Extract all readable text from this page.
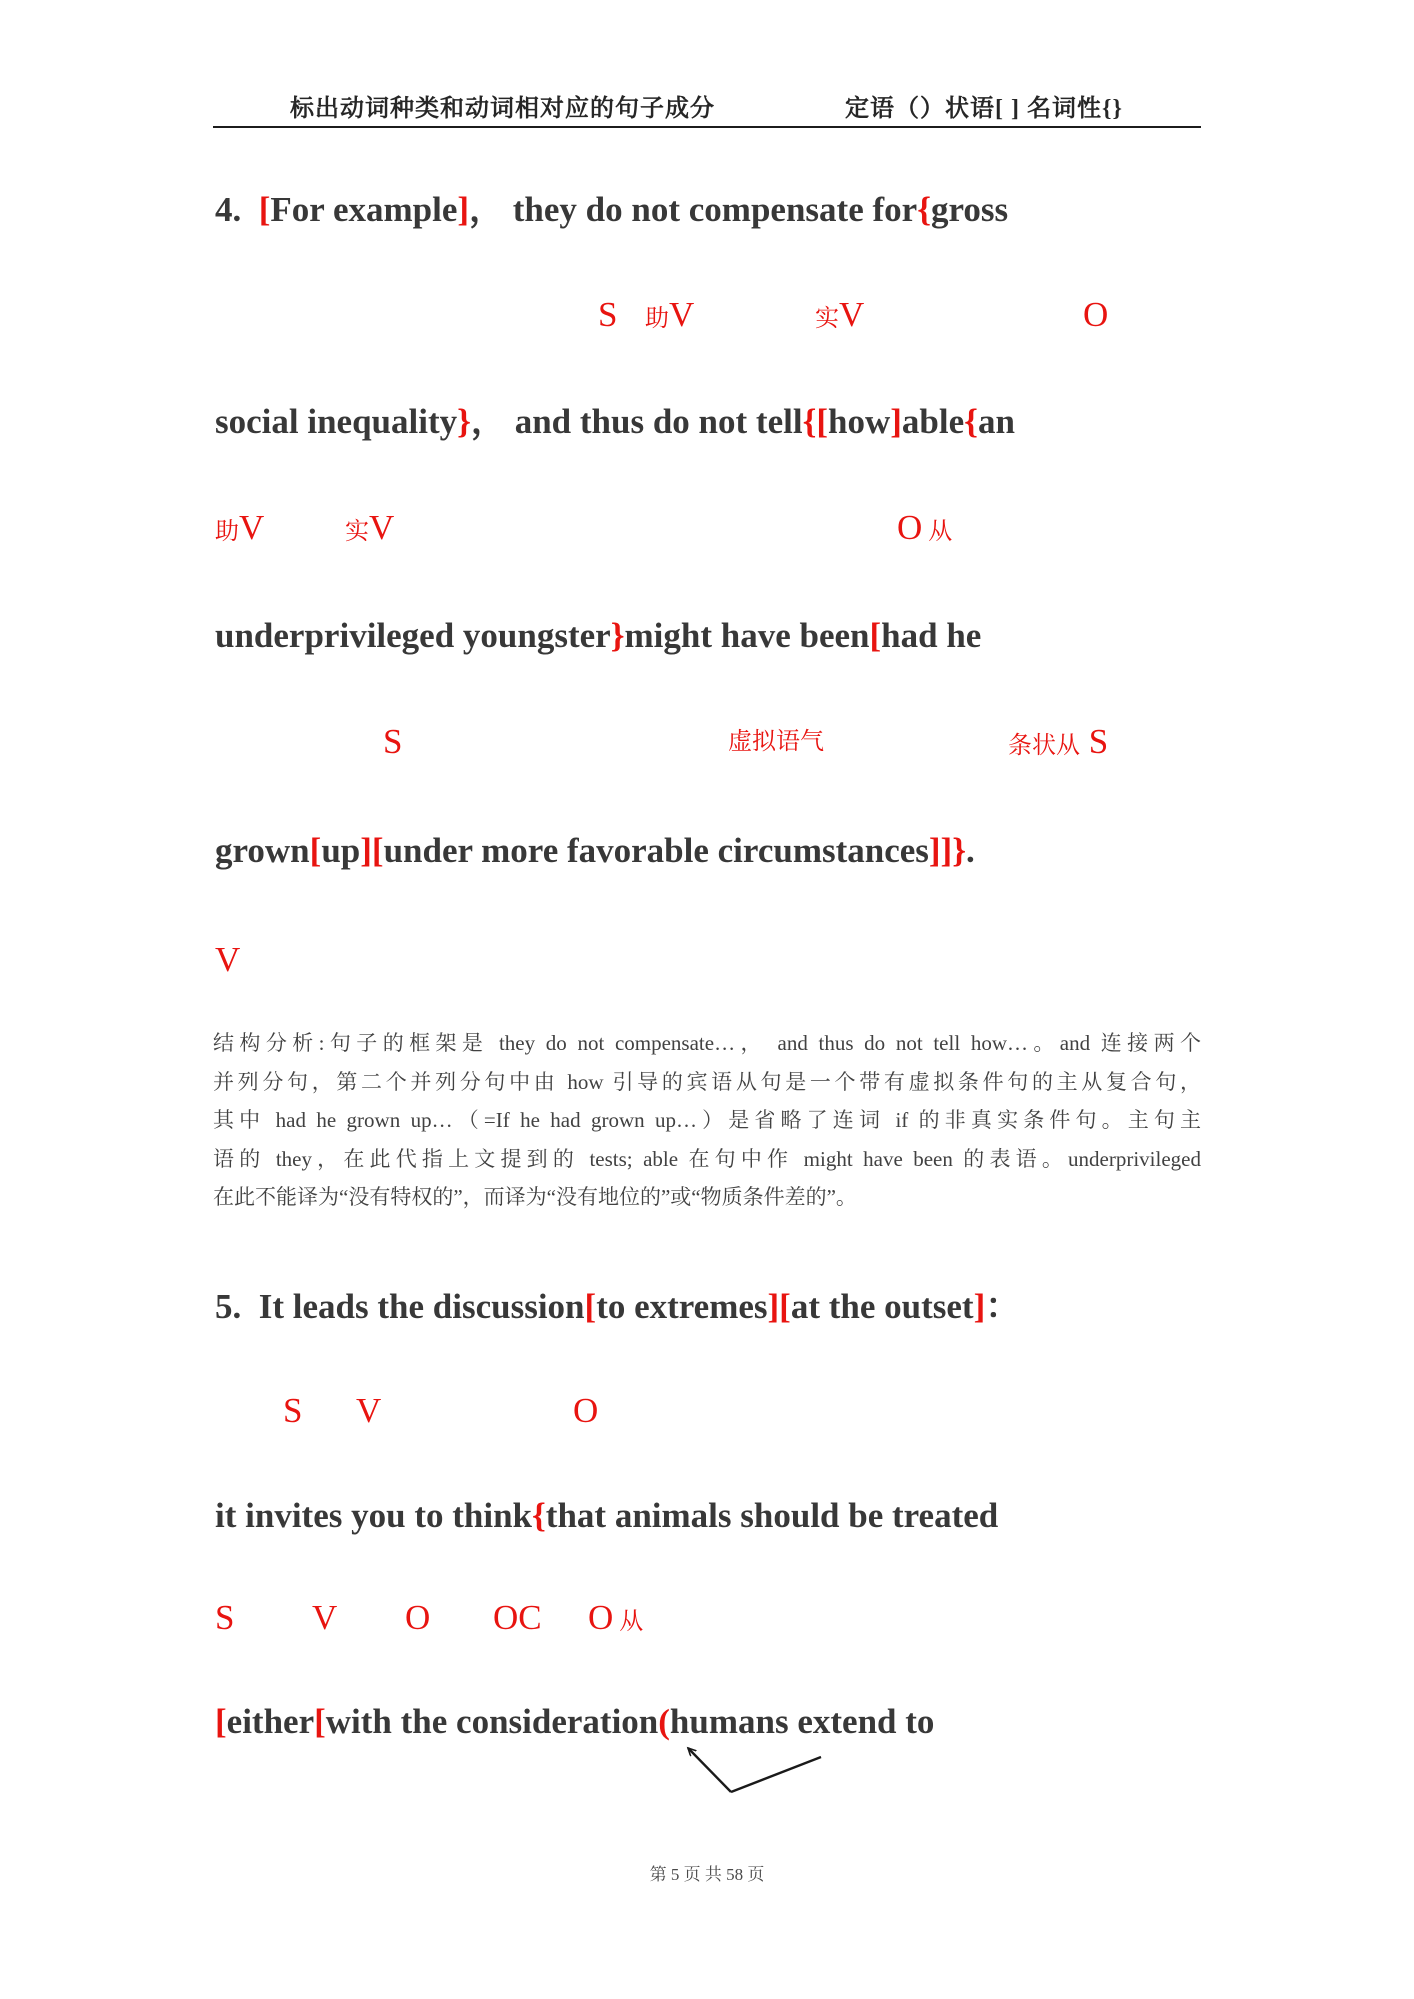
标出动词种类和动词相对应的句子成分	定语（）状语[ ] 名词性{}
4.  [For example]， they do not compensate for{gross
S 助V	实V	O
social inequality}， and thus do not tell{[how]able{an
助V	实V	O 从
underprivileged youngster}might have been[had he
S	虚拟语气	条状从 S
grown[up][under more favorable circumstances]]}.
V
结构分析:句子的框架是 they do not compensate…， and thus do not tell how…。and 连接两个
并列分句，第二个并列分句中由 how 引导的宾语从句是一个带有虚拟条件句的主从复合句，
其中 had he grown up…（=If he had grown up…）是省略了连词 if 的非真实条件句。主句主
语的 they，在此代指上文提到的 tests; able 在句中作 might have been 的表语。underprivileged
在此不能译为“没有特权的”，而译为“没有地位的”或“物质条件差的”。
5.  It leads the discussion[to extremes][at the outset]：
S V	O
it invites you to think{that animals should be treated
S V O OC O 从
[either[with the consideration(humans extend to
第 5 页 共 58 页
